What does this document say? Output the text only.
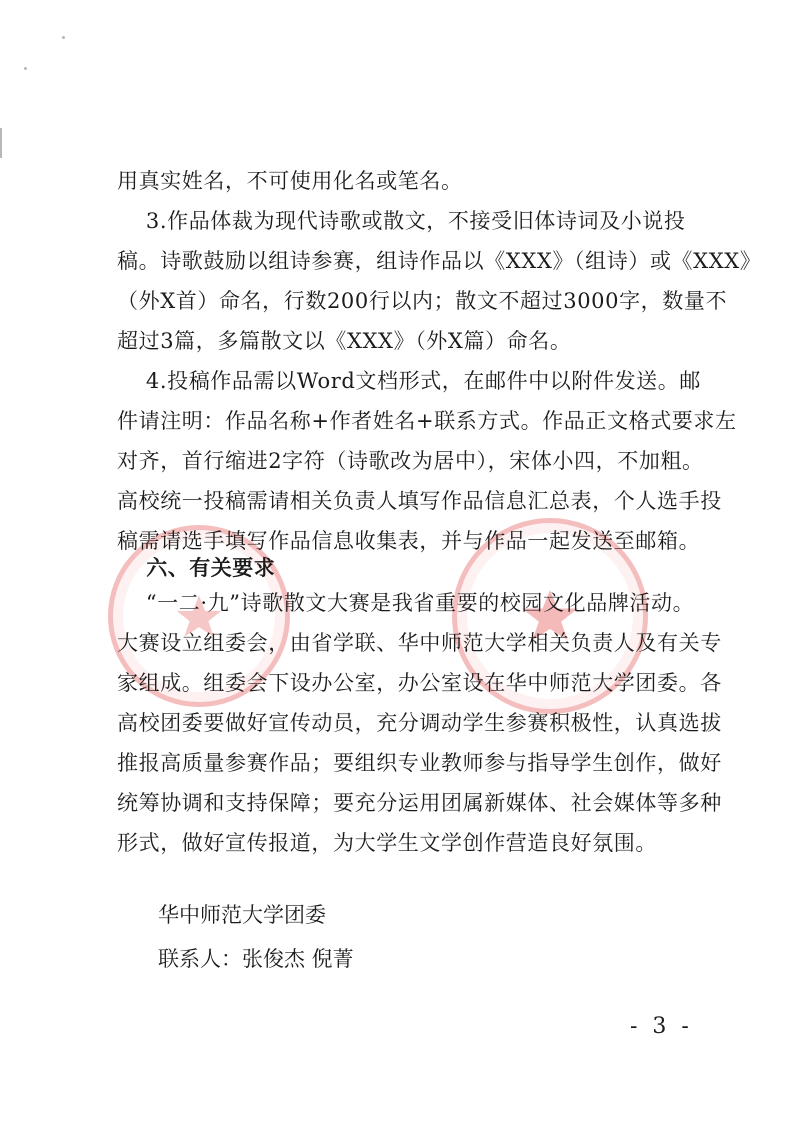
用真实姓名，不可使用化名或笔名。
　 3.作品体裁为现代诗歌或散文，不接受旧体诗词及小说投
稿。诗歌鼓励以组诗参赛，组诗作品以《XXX》（组诗）或《XXX》
（外X首）命名，行数200行以内；散文不超过3000字，数量不
超过3篇，多篇散文以《XXX》（外X篇）命名。
　 4.投稿作品需以Word文档形式，在邮件中以附件发送。邮
件请注明：作品名称+作者姓名+联系方式。作品正文格式要求左
对齐，首行缩进2字符（诗歌改为居中），宋体小四，不加粗。
高校统一投稿需请相关负责人填写作品信息汇总表，个人选手投
稿需请选手填写作品信息收集表，并与作品一起发送至邮箱。
　 六、有关要求
　 “一二·九”诗歌散文大赛是我省重要的校园文化品牌活动。
大赛设立组委会，由省学联、华中师范大学相关负责人及有关专
家组成。组委会下设办公室，办公室设在华中师范大学团委。各
高校团委要做好宣传动员，充分调动学生参赛积极性，认真选拔
推报高质量参赛作品；要组织专业教师参与指导学生创作，做好
统筹协调和支持保障；要充分运用团属新媒体、社会媒体等多种
形式，做好宣传报道，为大学生文学创作营造良好氛围。
华中师范大学团委
联系人：张俊杰 倪菁
- 3 -
